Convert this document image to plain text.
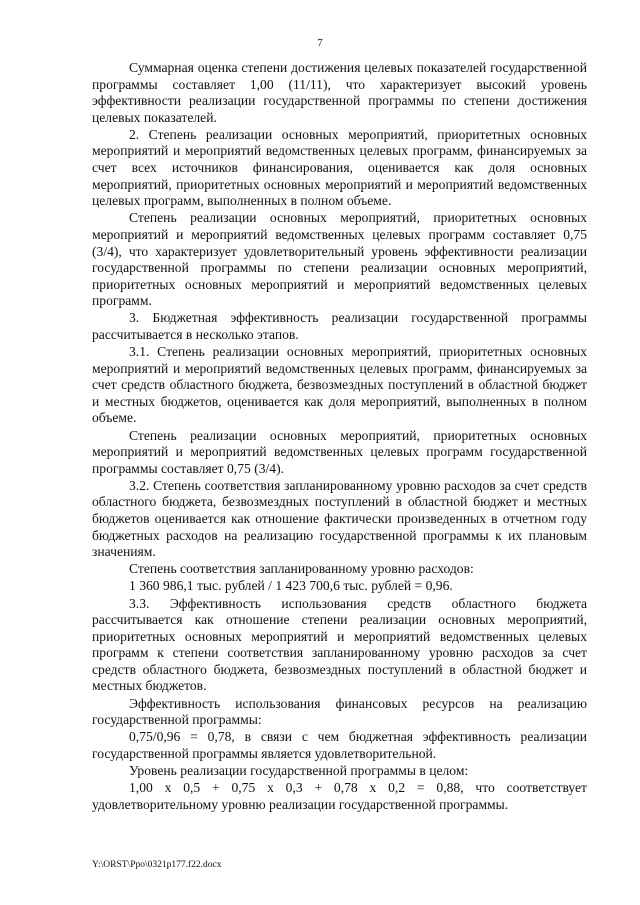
7

Суммарная оценка степени достижения целевых показателей государственной программы составляет 1,00 (11/11), что характеризует высокий уровень эффективности реализации государственной программы по степени достижения целевых показателей.

2. Степень реализации основных мероприятий, приоритетных основных мероприятий и мероприятий ведомственных целевых программ, финансируемых за счет всех источников финансирования, оценивается как доля основных мероприятий, приоритетных основных мероприятий и мероприятий ведомственных целевых программ, выполненных в полном объеме.

Степень реализации основных мероприятий, приоритетных основных мероприятий и мероприятий ведомственных целевых программ составляет 0,75 (3/4), что характеризует удовлетворительный уровень эффективности реализации государственной программы по степени реализации основных мероприятий, приоритетных основных мероприятий и мероприятий ведомственных целевых программ.

3. Бюджетная эффективность реализации государственной программы рассчитывается в несколько этапов.

3.1. Степень реализации основных мероприятий, приоритетных основных мероприятий и мероприятий ведомственных целевых программ, финансируемых за счет средств областного бюджета, безвозмездных поступлений в областной бюджет и местных бюджетов, оценивается как доля мероприятий, выполненных в полном объеме.

Степень реализации основных мероприятий, приоритетных основных мероприятий и мероприятий ведомственных целевых программ государственной программы составляет 0,75 (3/4).

3.2. Степень соответствия запланированному уровню расходов за счет средств областного бюджета, безвозмездных поступлений в областной бюджет и местных бюджетов оценивается как отношение фактически произведенных в отчетном году бюджетных расходов на реализацию государственной программы к их плановым значениям.

Степень соответствия запланированному уровню расходов:

1 360 986,1 тыс. рублей / 1 423 700,6 тыс. рублей = 0,96.

3.3. Эффективность использования средств областного бюджета рассчитывается как отношение степени реализации основных мероприятий, приоритетных основных мероприятий и мероприятий ведомственных целевых программ к степени соответствия запланированному уровню расходов за счет средств областного бюджета, безвозмездных поступлений в областной бюджет и местных бюджетов.

Эффективность использования финансовых ресурсов на реализацию государственной программы:

0,75/0,96 = 0,78, в связи с чем бюджетная эффективность реализации государственной программы является удовлетворительной.

Уровень реализации государственной программы в целом:

1,00 x 0,5 + 0,75 x 0,3 + 0,78 x 0,2 = 0,88, что соответствует удовлетворительному уровню реализации государственной программы.

Y:\ORST\Ppo\0321p177.f22.docx
